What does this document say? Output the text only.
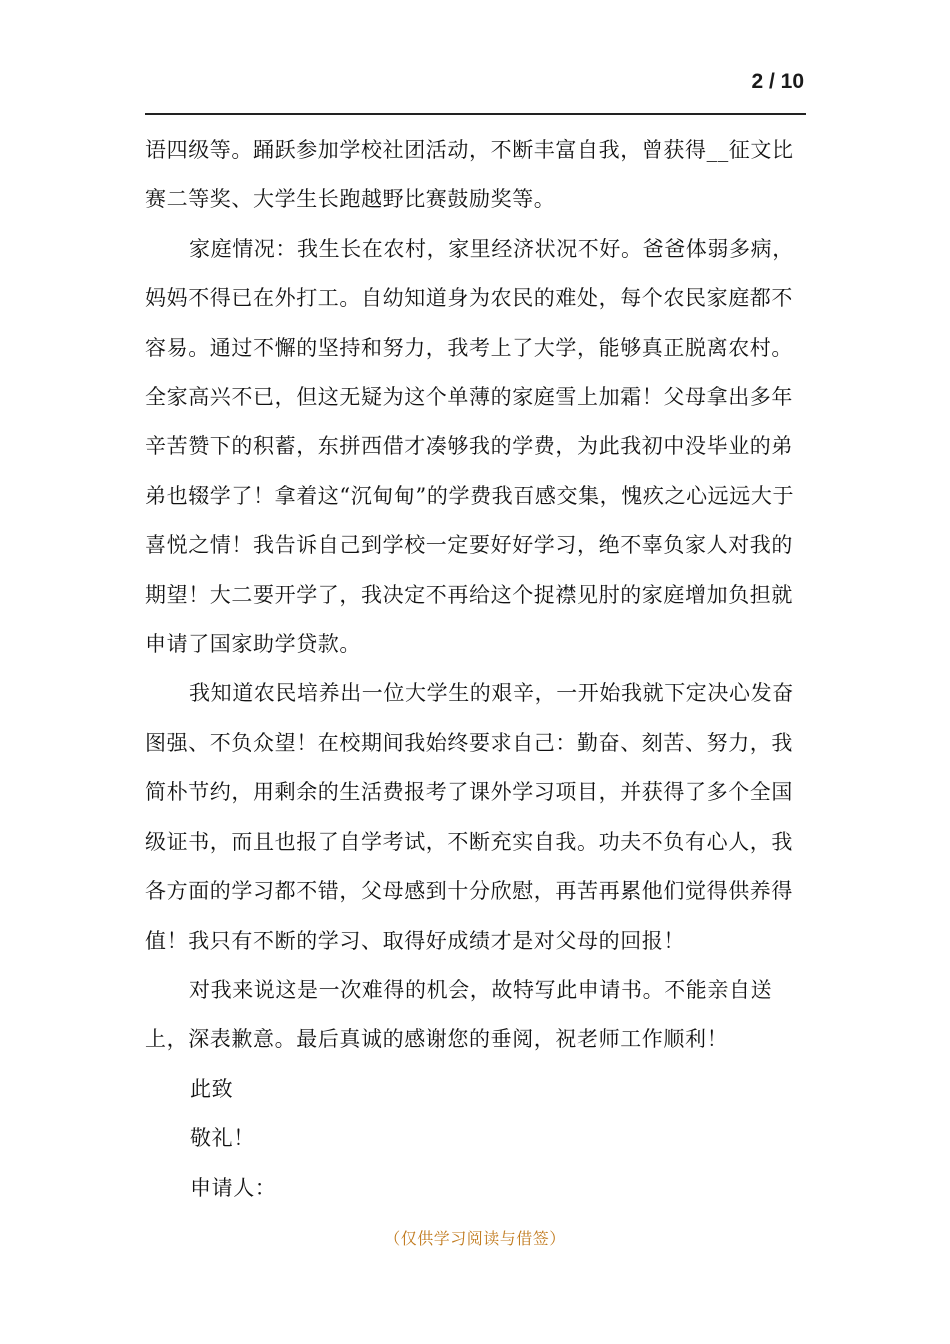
2 / 10

语四级等。踊跃参加学校社团活动，不断丰富自我，曾获得__征文比赛二等奖、大学生长跑越野比赛鼓励奖等。

家庭情况：我生长在农村，家里经济状况不好。爸爸体弱多病，妈妈不得已在外打工。自幼知道身为农民的难处，每个农民家庭都不容易。通过不懈的坚持和努力，我考上了大学，能够真正脱离农村。全家高兴不已，但这无疑为这个单薄的家庭雪上加霜！父母拿出多年辛苦赞下的积蓄，东拼西借才凑够我的学费，为此我初中没毕业的弟弟也辍学了！拿着这“沉甸甸”的学费我百感交集，愧疚之心远远大于喜悦之情！我告诉自己到学校一定要好好学习，绝不辜负家人对我的期望！大二要开学了，我决定不再给这个捉襟见肘的家庭增加负担就申请了国家助学贷款。

我知道农民培养出一位大学生的艰辛，一开始我就下定决心发奋图强、不负众望！在校期间我始终要求自己：勤奋、刻苦、努力，我简朴节约，用剩余的生活费报考了课外学习项目，并获得了多个全国级证书，而且也报了自学考试，不断充实自我。功夫不负有心人，我各方面的学习都不错，父母感到十分欣慰，再苦再累他们觉得供养得值！我只有不断的学习、取得好成绩才是对父母的回报！

对我来说这是一次难得的机会，故特写此申请书。不能亲自送上，深表歉意。最后真诚的感谢您的垂阅，祝老师工作顺利！

此致

敬礼！

申请人：

（仅供学习阅读与借签）
